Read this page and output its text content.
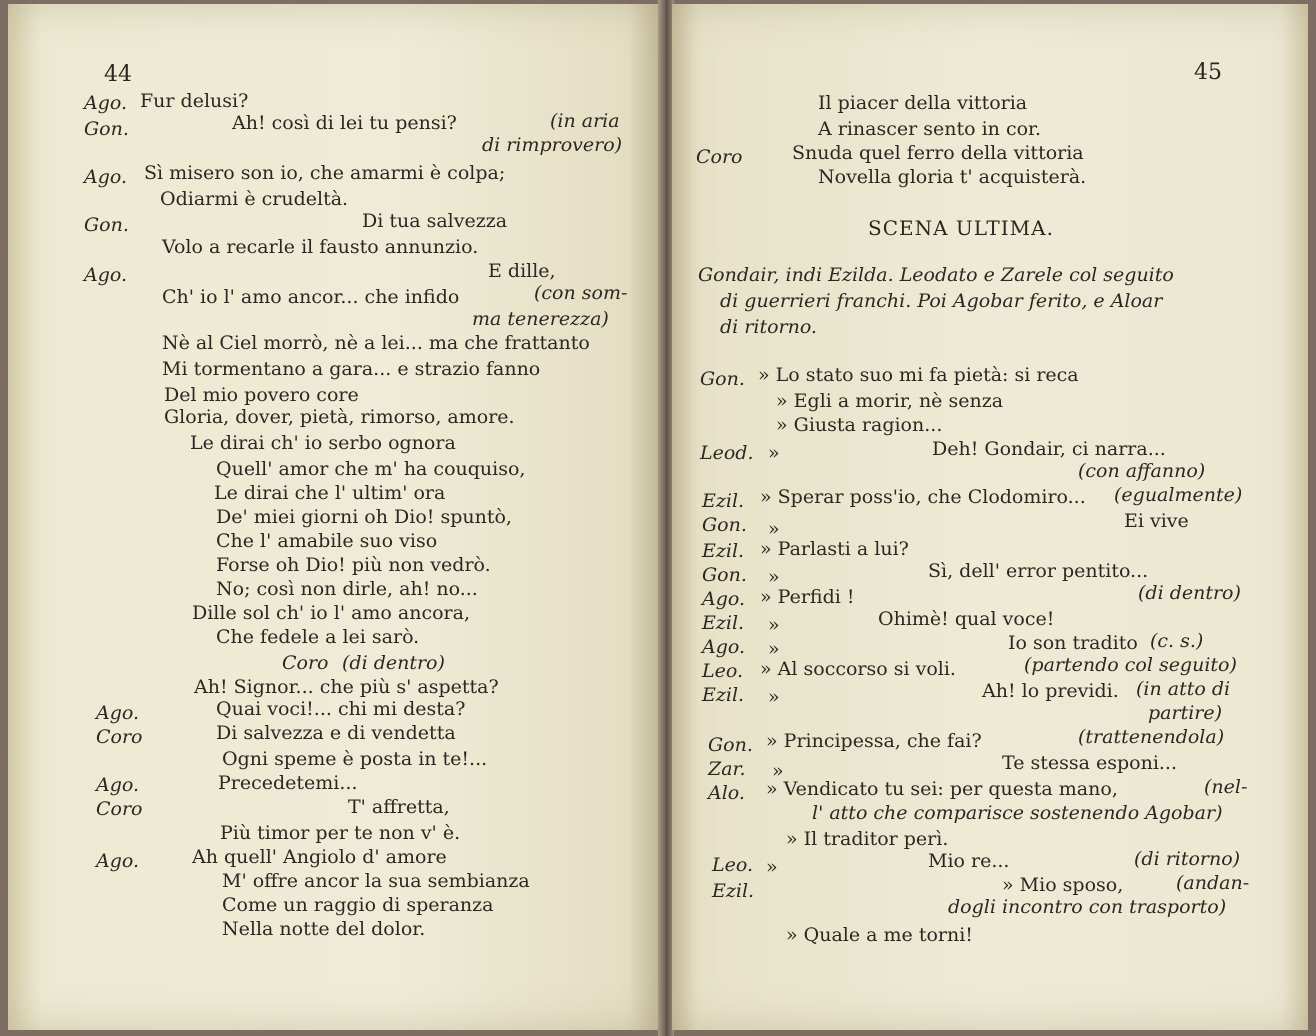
44
Ago. Fur delusi?
Gon.	Ah! così di lei tu pensi?	(in aria
di rimprovero)
Ago. Sì misero son io, che amarmi è colpa;
Odiarmi è crudeltà.
Gon.	Di tua salvezza
Volo a recarle il fausto annunzio.
Ago.	E dille,
Ch' io l' amo ancor... che infido	(con som-
ma tenerezza)
Nè al Ciel morrò, nè a lei... ma che frattanto
Mi tormentano a gara... e strazio fanno
Del mio povero core
Gloria, dover, pietà, rimorso, amore.
Le dirai ch' io serbo ognora
Quell' amor che m' ha couquiso,
Le dirai che l' ultim' ora
De' miei giorni oh Dio! spuntò,
Che l' amabile suo viso
Forse oh Dio! più non vedrò.
No; così non dirle, ah! no...
Dille sol ch' io l' amo ancora,
Che fedele a lei sarò.
Coro (di dentro)
Ah! Signor... che più s' aspetta?
Ago.	Quai voci!... chi mi desta?
Coro	Di salvezza e di vendetta
Ogni speme è posta in te!...
Ago.	Precedetemi...
Coro	T' affretta,
Più timor per te non v' è.
Ago.	Ah quell' Angiolo d' amore
M' offre ancor la sua sembianza
Come un raggio di speranza
Nella notte del dolor.
45
Il piacer della vittoria
A rinascer sento in cor.
Coro	Snuda quel ferro della vittoria
Novella gloria t' acquisterà.
SCENA ULTIMA.
Gondair, indi Ezilda. Leodato e Zarele col seguito
di guerrieri franchi. Poi Agobar ferito, e Aloar
di ritorno.
Gon. » Lo stato suo mi fa pietà: si reca
» Egli a morir, nè senza
» Giusta ragion...
Leod. »	Deh! Gondair, ci narra...
(con affanno)
Ezil. » Sperar poss'io, che Clodomiro... (egualmente)
Gon. »	Ei vive
Ezil. » Parlasti a lui?
Gon. »	Sì, dell' error pentito...
Ago. » Perfidi !	(di dentro)
Ezil. »	Ohimè! qual voce!
Ago. »	Io son tradito (c. s.)
Leo. » Al soccorso si voli.	(partendo col seguito)
Ezil. »	Ah! lo previdi. (in atto di
partire)
Gon. » Principessa, che fai?	(trattenendola)
Zar. »	Te stessa esponi...
Alo. » Vendicato tu sei: per questa mano,	(nel-
l' atto che comparisce sostenendo Agobar)
» Il traditor perì.
Leo. »	Mio re...	(di ritorno)
Ezil.	» Mio sposo,	(andan-
dogli incontro con trasporto)
» Quale a me torni!
